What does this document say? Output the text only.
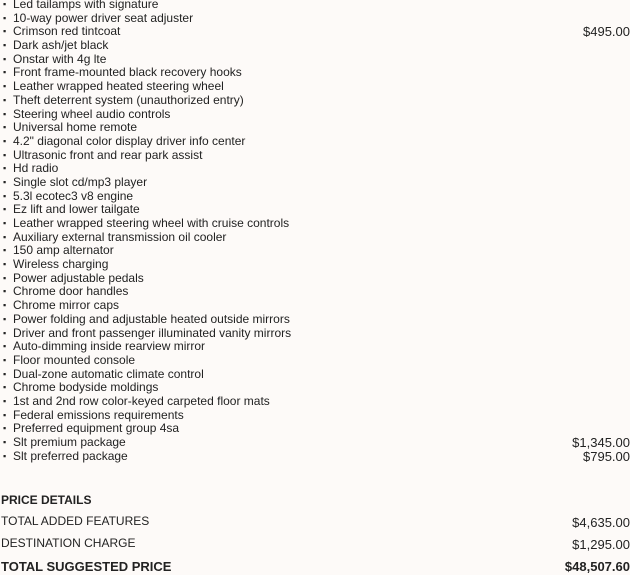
▪ Led tailamps with signature
▪ 10-way power driver seat adjuster
▪ Crimson red tintcoat	$495.00
▪ Dark ash/jet black
▪ Onstar with 4g lte
▪ Front frame-mounted black recovery hooks
▪ Leather wrapped heated steering wheel
▪ Theft deterrent system (unauthorized entry)
▪ Steering wheel audio controls
▪ Universal home remote
▪ 4.2" diagonal color display driver info center
▪ Ultrasonic front and rear park assist
▪ Hd radio
▪ Single slot cd/mp3 player
▪ 5.3l ecotec3 v8 engine
▪ Ez lift and lower tailgate
▪ Leather wrapped steering wheel with cruise controls
▪ Auxiliary external transmission oil cooler
▪ 150 amp alternator
▪ Wireless charging
▪ Power adjustable pedals
▪ Chrome door handles
▪ Chrome mirror caps
▪ Power folding and adjustable heated outside mirrors
▪ Driver and front passenger illuminated vanity mirrors
▪ Auto-dimming inside rearview mirror
▪ Floor mounted console
▪ Dual-zone automatic climate control
▪ Chrome bodyside moldings
▪ 1st and 2nd row color-keyed carpeted floor mats
▪ Federal emissions requirements
▪ Preferred equipment group 4sa
▪ Slt premium package	$1,345.00
▪ Slt preferred package	$795.00
PRICE DETAILS
TOTAL ADDED FEATURES	$4,635.00
DESTINATION CHARGE	$1,295.00
TOTAL SUGGESTED PRICE	$48,507.60
